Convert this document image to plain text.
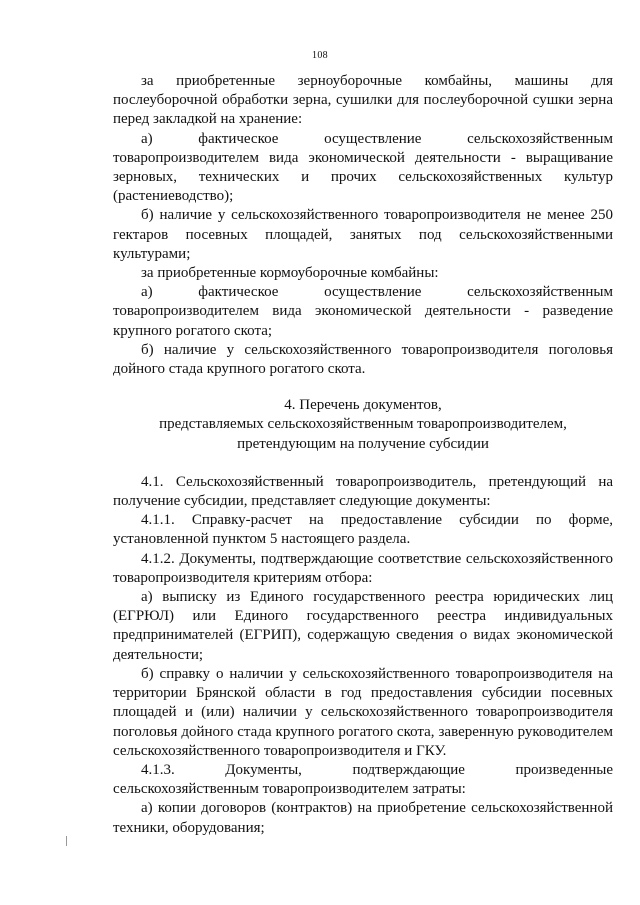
108

за приобретенные зерноуборочные комбайны, машины для послеуборочной обработки зерна, сушилки для послеуборочной сушки зерна перед закладкой на хранение:

а) фактическое осуществление сельскохозяйственным товаропроизводителем вида экономической деятельности - выращивание зерновых, технических и прочих сельскохозяйственных культур (растениеводство);

б) наличие у сельскохозяйственного товаропроизводителя не менее 250 гектаров посевных площадей, занятых под сельскохозяйственными культурами;

за приобретенные кормоуборочные комбайны:

а) фактическое осуществление сельскохозяйственным товаропроизводителем вида экономической деятельности - разведение крупного рогатого скота;

б) наличие у сельскохозяйственного товаропроизводителя поголовья дойного стада крупного рогатого скота.

4. Перечень документов,
представляемых сельскохозяйственным товаропроизводителем,
претендующим на получение субсидии

4.1. Сельскохозяйственный товаропроизводитель, претендующий на получение субсидии, представляет следующие документы:

4.1.1. Справку-расчет на предоставление субсидии по форме, установленной пунктом 5 настоящего раздела.

4.1.2. Документы, подтверждающие соответствие сельскохозяйственного товаропроизводителя критериям отбора:

а) выписку из Единого государственного реестра юридических лиц (ЕГРЮЛ) или Единого государственного реестра индивидуальных предпринимателей (ЕГРИП), содержащую сведения о видах экономической деятельности;

б) справку о наличии у сельскохозяйственного товаропроизводителя на территории Брянской области в год предоставления субсидии посевных площадей и (или) наличии у сельскохозяйственного товаропроизводителя поголовья дойного стада крупного рогатого скота, заверенную руководителем сельскохозяйственного товаропроизводителя и ГКУ.

4.1.3. Документы, подтверждающие произведенные сельскохозяйственным товаропроизводителем затраты:

а) копии договоров (контрактов) на приобретение сельскохозяйственной техники, оборудования;
